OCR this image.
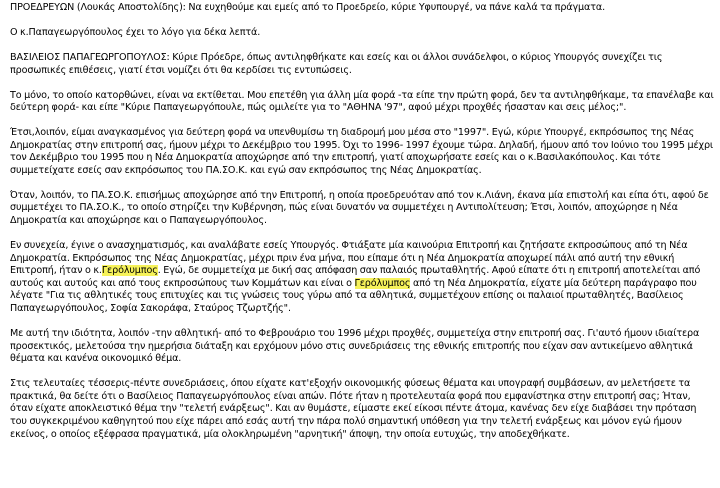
ΠΡΟΕΔΡΕΥΩΝ (Λουκάς Αποστολίδης): Να ευχηθούμε και εμείς από το Προεδρείο, κύριε Υφυπουργέ, να πάνε καλά τα πράγματα.

Ο κ.Παπαγεωργόπουλος έχει το λόγο για δέκα λεπτά.

ΒΑΣΙΛΕΙΟΣ ΠΑΠΑΓΕΩΡΓΟΠΟΥΛΟΣ: Κύριε Πρόεδρε, όπως αντιληφθήκατε και εσείς και οι άλλοι συνάδελφοι, ο κύριος Υπουργός συνεχίζει τις προσωπικές επιθέσεις, γιατί έτσι νομίζει ότι θα κερδίσει τις εντυπώσεις.

Το μόνο, το οποίο κατορθώνει, είναι να εκτίθεται. Μου επετέθη για άλλη μία φορά -τα είπε την πρώτη φορά, δεν τα αντιληφθήκαμε, τα επανέλαβε και δεύτερη φορά- και είπε "Κύριε Παπαγεωργόπουλε, πώς ομιλείτε για το "ΑΘΗΝΑ '97", αφού μέχρι προχθές ήσασταν και σεις μέλος;".

Έτσι,λοιπόν, είμαι αναγκασμένος για δεύτερη φορά να υπενθυμίσω τη διαδρομή μου μέσα στο "1997". Εγώ, κύριε Υπουργέ, εκπρόσωπος της Νέας Δημοκρατίας στην επιτροπή σας, ήμουν μέχρι το Δεκέμβριο του 1995. Όχι το 1996- 1997 έχουμε τώρα. Δηλαδή, ήμουν από τον Ιούνιο του 1995 μέχρι τον Δεκέμβριο του 1995 που η Νέα Δημοκρατία αποχώρησε από την επιτροπή, γιατί αποχωρήσατε εσείς και ο κ.Βασιλακόπουλος. Και τότε συμμετείχατε εσείς σαν εκπρόσωπος του ΠΑ.ΣΟ.Κ. και εγώ σαν εκπρόσωπος της Νέας Δημοκρατίας.

Όταν, λοιπόν, το ΠΑ.ΣΟ.Κ. επισήμως αποχώρησε από την Επιτροπή, η οποία προεδρευόταν από τον κ.Λιάνη, έκανα μία επιστολή και είπα ότι, αφού δε συμμετέχει το ΠΑ.ΣΟ.Κ., το οποίο στηρίζει την Κυβέρνηση, πώς είναι δυνατόν να συμμετέχει η Αντιπολίτευση; Έτσι, λοιπόν, αποχώρησε η Νέα Δημοκρατία και αποχώρησε και ο Παπαγεωργόπουλος.

Εν συνεχεία, έγινε ο ανασχηματισμός, και αναλάβατε εσείς Υπουργός. Φτιάξατε μία καινούρια Επιτροπή και ζητήσατε εκπροσώπους από τη Νέα Δημοκρατία. Εκπρόσωπος της Νέας Δημοκρατίας, μέχρι πριν ένα μήνα, που είπαμε ότι η Νέα Δημοκρατία αποχωρεί πάλι από αυτή την εθνική Επιτροπή, ήταν ο κ.Γερόλυμπος. Εγώ, δε συμμετείχα με δική σας απόφαση σαν παλαιός πρωταθλητής. Αφού είπατε ότι η επιτροπή αποτελείται από αυτούς και αυτούς και από τους εκπροσώπους των Κομμάτων και είναι ο Γερόλυμπος από τη Νέα Δημοκρατία, είχατε μία δεύτερη παράγραφο που λέγατε "Για τις αθλητικές τους επιτυχίες και τις γνώσεις τους γύρω από τα αθλητικά, συμμετέχουν επίσης οι παλαιοί πρωταθλητές, Βασίλειος Παπαγεωργόπουλος, Σοφία Σακοράφα, Σταύρος Τζωρτζής".

Με αυτή την ιδιότητα, λοιπόν -την αθλητική- από το Φεβρουάριο του 1996 μέχρι προχθές, συμμετείχα στην επιτροπή σας. Γι'αυτό ήμουν ιδιαίτερα προσεκτικός, μελετούσα την ημερήσια διάταξη και ερχόμουν μόνο στις συνεδριάσεις της εθνικής επιτροπής που είχαν σαν αντικείμενο αθλητικά θέματα και κανένα οικονομικό θέμα.

Στις τελευταίες τέσσερις-πέντε συνεδριάσεις, όπου είχατε κατ'εξοχήν οικονομικής φύσεως θέματα και υπογραφή συμβάσεων, αν μελετήσετε τα πρακτικά, θα δείτε ότι ο Βασίλειος Παπαγεωργόπουλος είναι απών. Πότε ήταν η προτελευταία φορά που εμφανίστηκα στην επιτροπή σας; Ήταν, όταν είχατε αποκλειστικό θέμα την "τελετή ενάρξεως". Και αν θυμάστε, είμαστε εκεί είκοσι πέντε άτομα, κανένας δεν είχε διαβάσει την πρόταση του συγκεκριμένου καθηγητού που είχε πάρει από εσάς αυτή την πάρα πολύ σημαντική υπόθεση για την τελετή ενάρξεως και μόνον εγώ ήμουν εκείνος, ο οποίος εξέφρασα πραγματικά, μία ολοκληρωμένη "αρνητική" άποψη, την οποία ευτυχώς, την αποδεχθήκατε.
